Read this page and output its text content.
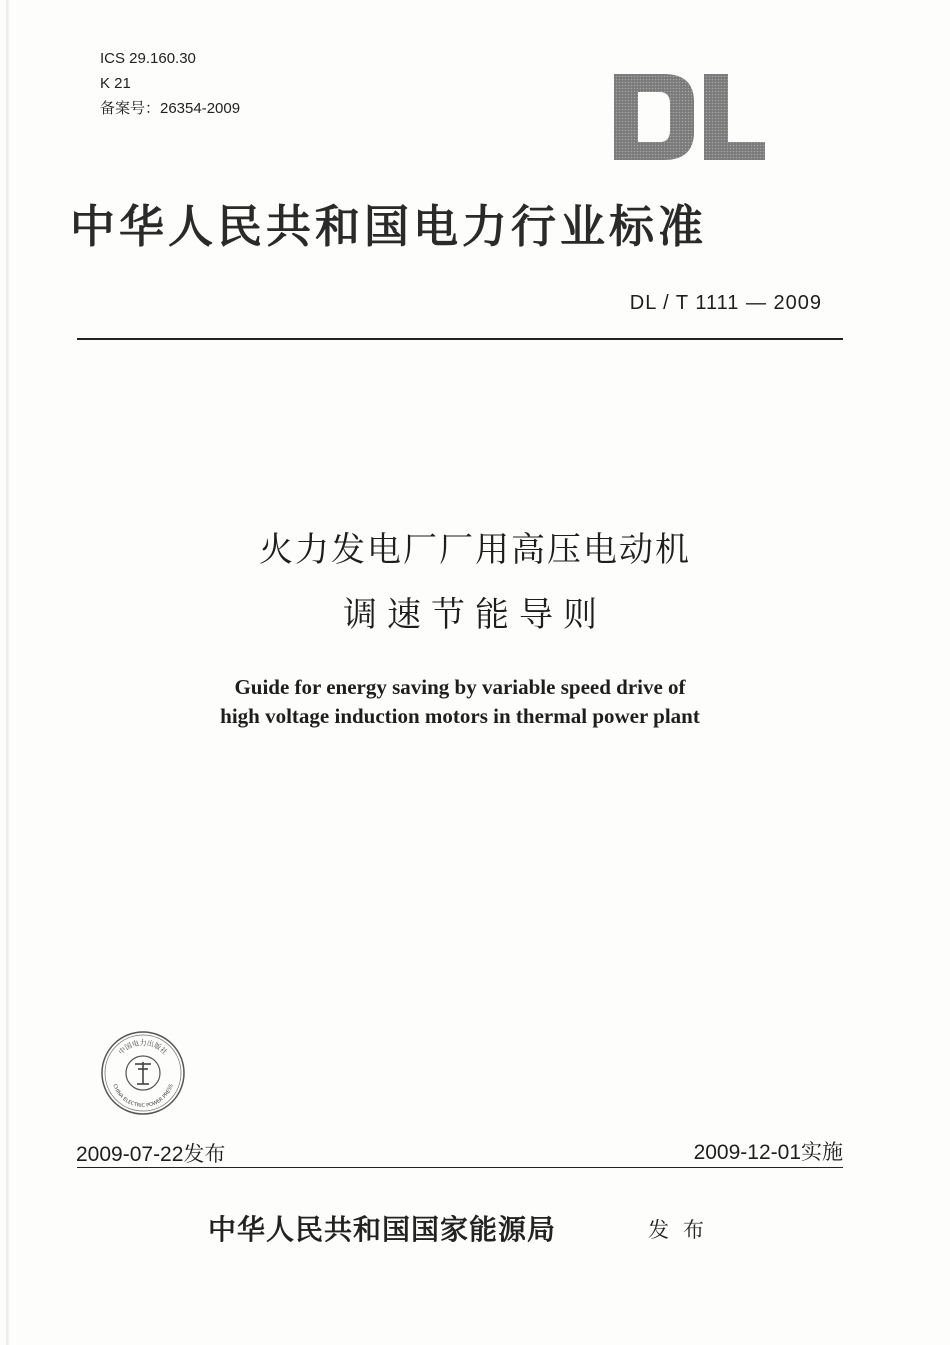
ICS 29.160.30
K 21
备案号：26354-2009
中华人民共和国电力行业标准
DL / T 1111 — 2009
火力发电厂厂用高压电动机
调速节能导则
Guide for energy saving by variable speed drive of
high voltage induction motors in thermal power plant
中国电力出版社
CHINA ELECTRIC POWER PRESS
2009-07-22发布	2009-12-01实施
中华人民共和国国家能源局	发布
